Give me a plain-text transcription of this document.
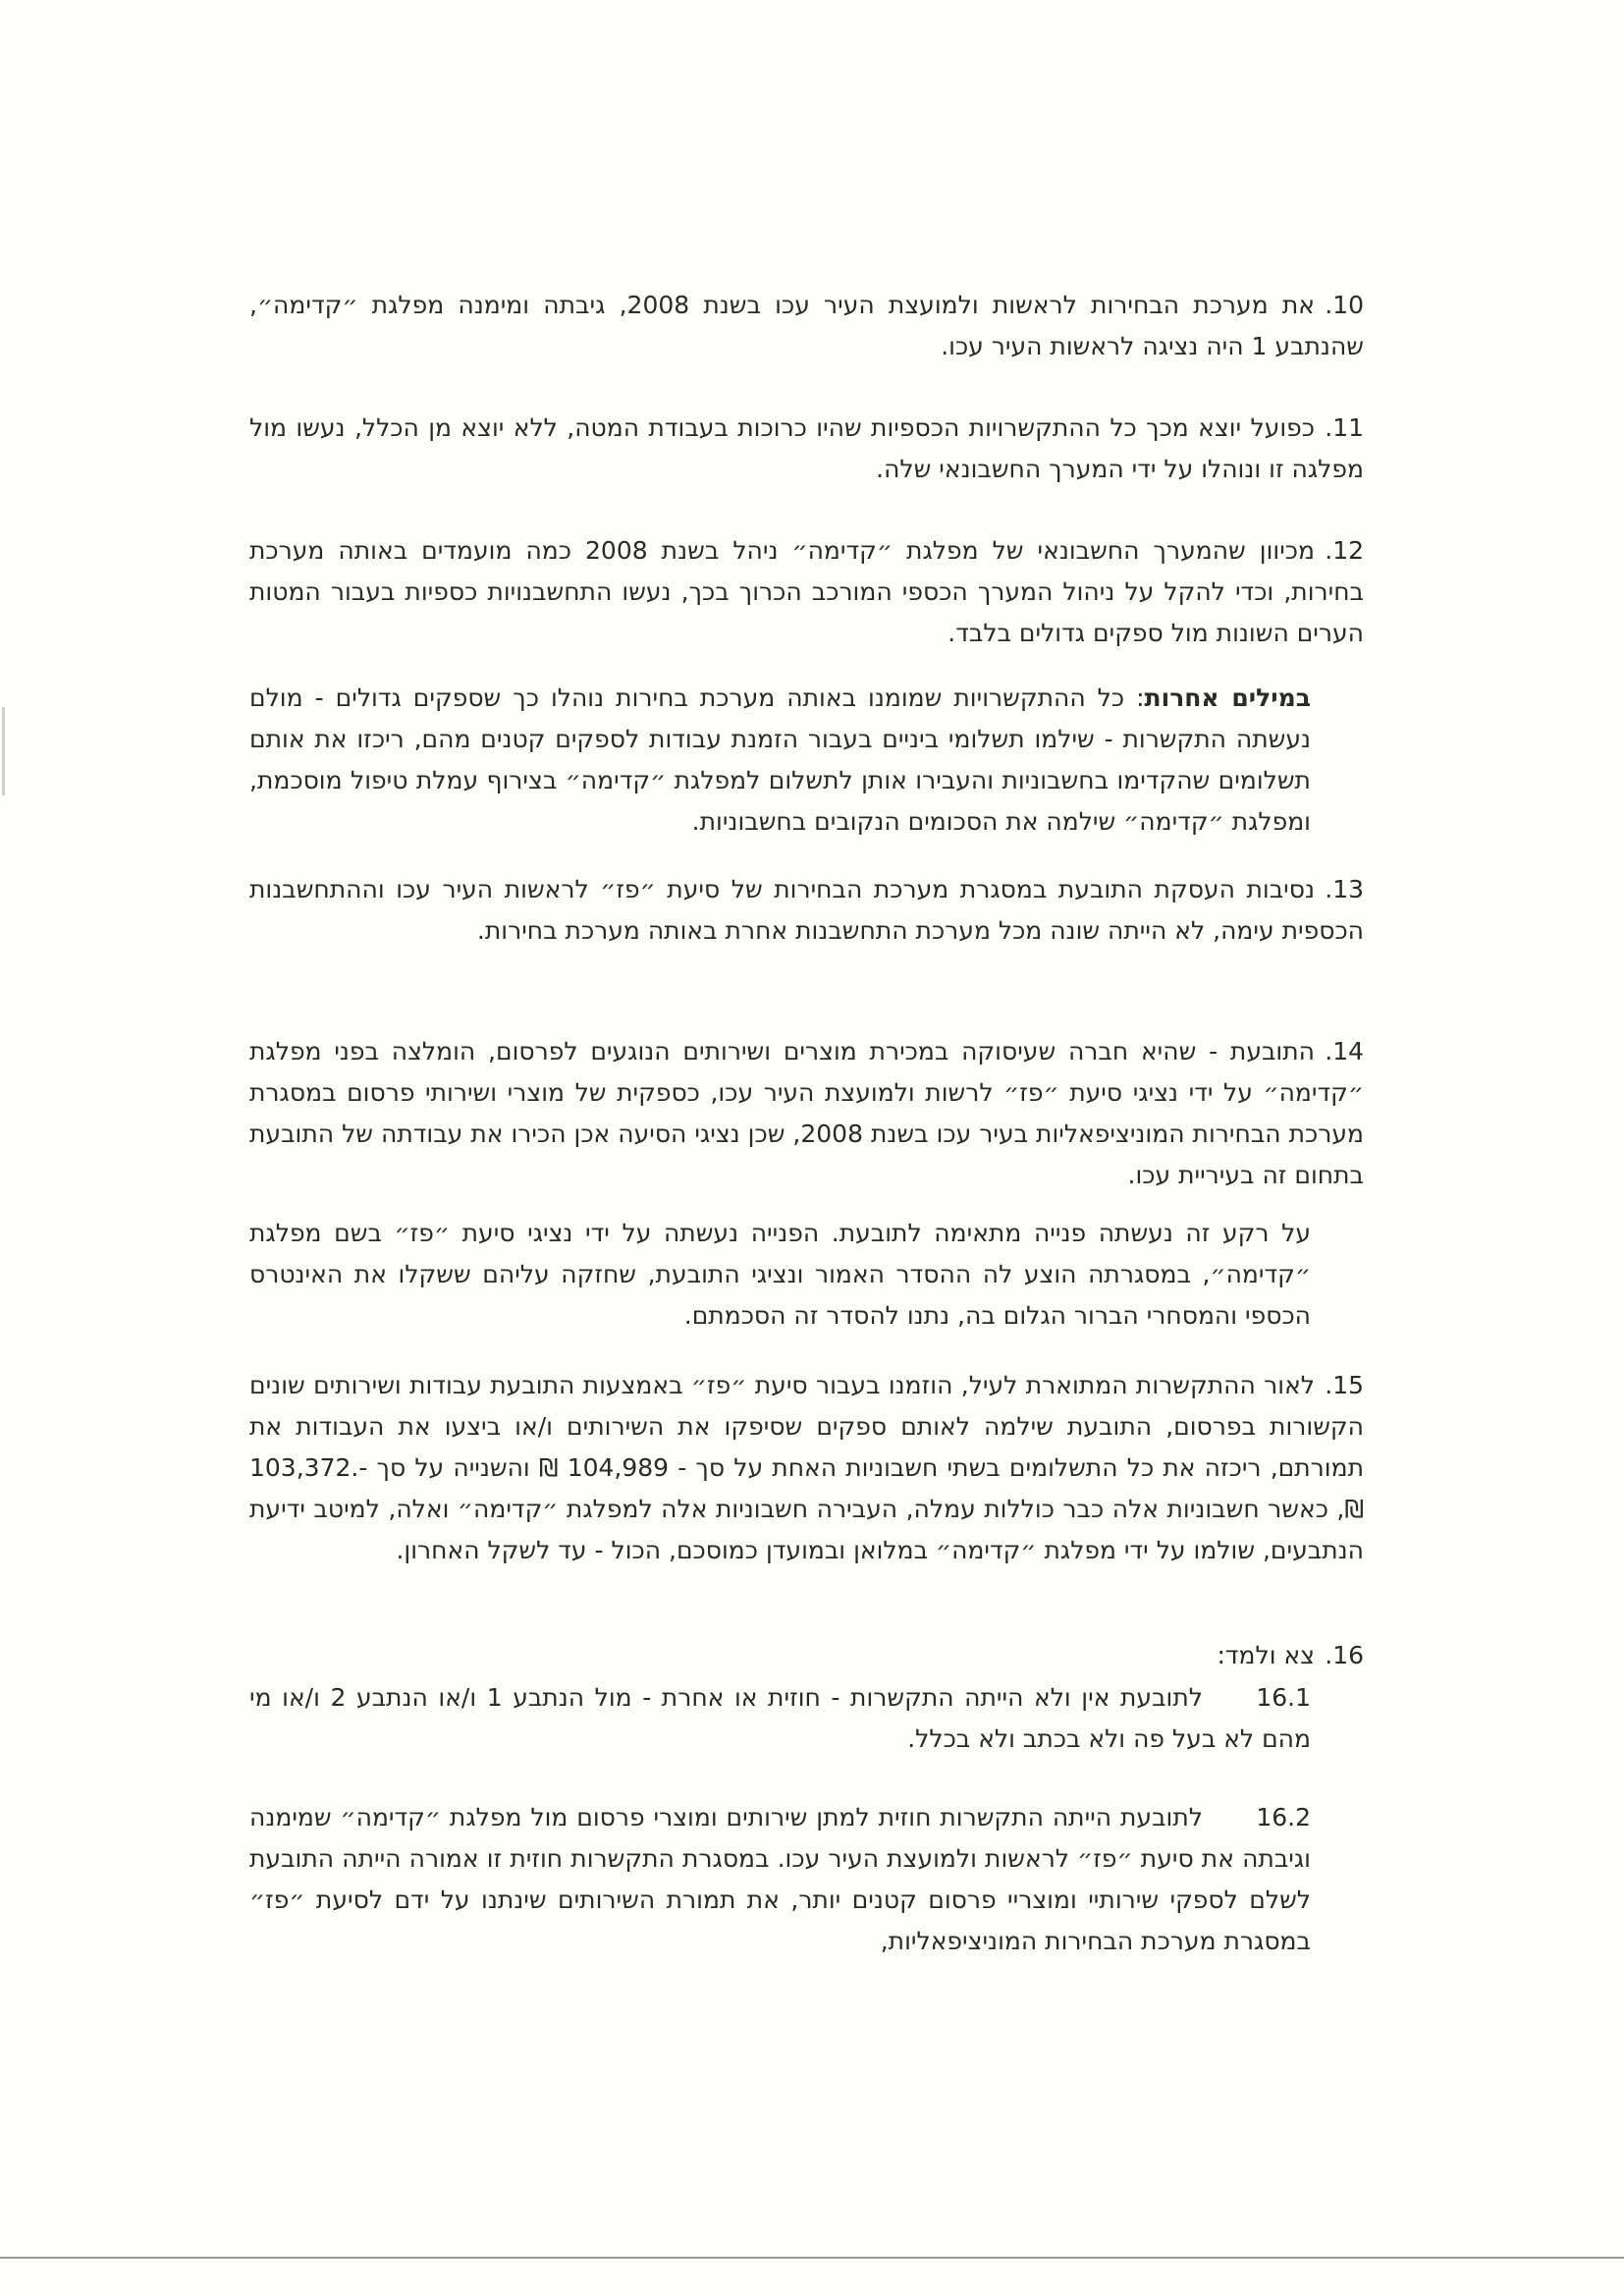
10.את מערכת הבחירות לראשות ולמועצת העיר עכו בשנת 2008, גיבתה ומימנה מפלגת ״קדימה״, שהנתבע 1 היה נציגה לראשות העיר עכו.
11.כפועל יוצא מכך כל ההתקשרויות הכספיות שהיו כרוכות בעבודת המטה, ללא יוצא מן הכלל, נעשו מול מפלגה זו ונוהלו על ידי המערך החשבונאי שלה.
12.מכיוון שהמערך החשבונאי של מפלגת ״קדימה״ ניהל בשנת 2008 כמה מועמדים באותה מערכת בחירות, וכדי להקל על ניהול המערך הכספי המורכב הכרוך בכך, נעשו התחשבנויות כספיות בעבור המטות הערים השונות מול ספקים גדולים בלבד.
במילים אחרות: כל ההתקשרויות שמומנו באותה מערכת בחירות נוהלו כך שספקים גדולים - מולם נעשתה התקשרות - שילמו תשלומי ביניים בעבור הזמנת עבודות לספקים קטנים מהם, ריכזו את אותם תשלומים שהקדימו בחשבוניות והעבירו אותן לתשלום למפלגת ״קדימה״ בצירוף עמלת טיפול מוסכמת, ומפלגת ״קדימה״ שילמה את הסכומים הנקובים בחשבוניות.
13.נסיבות העסקת התובעת במסגרת מערכת הבחירות של סיעת ״פז״ לראשות העיר עכו וההתחשבנות הכספית עימה, לא הייתה שונה מכל מערכת התחשבנות אחרת באותה מערכת בחירות.
14.התובעת - שהיא חברה שעיסוקה במכירת מוצרים ושירותים הנוגעים לפרסום, הומלצה בפני מפלגת ״קדימה״ על ידי נציגי סיעת ״פז״ לרשות ולמועצת העיר עכו, כספקית של מוצרי ושירותי פרסום במסגרת מערכת הבחירות המוניציפאליות בעיר עכו בשנת 2008, שכן נציגי הסיעה אכן הכירו את עבודתה של התובעת בתחום זה בעיריית עכו.
על רקע זה נעשתה פנייה מתאימה לתובעת. הפנייה נעשתה על ידי נציגי סיעת ״פז״ בשם מפלגת ״קדימה״, במסגרתה הוצע לה ההסדר האמור ונציגי התובעת, שחזקה עליהם ששקלו את האינטרס הכספי והמסחרי הברור הגלום בה, נתנו להסדר זה הסכמתם.
15.לאור ההתקשרות המתוארת לעיל, הוזמנו בעבור סיעת ״פז״ באמצעות התובעת עבודות ושירותים שונים הקשורות בפרסום, התובעת שילמה לאותם ספקים שסיפקו את השירותים ו/או ביצעו את העבודות את תמורתם, ריכזה את כל התשלומים בשתי חשבוניות האחת על סך - 104,989 ₪ והשנייה על סך -.103,372 ₪, כאשר חשבוניות אלה כבר כוללות עמלה, העבירה חשבוניות אלה למפלגת ״קדימה״ ואלה, למיטב ידיעת הנתבעים, שולמו על ידי מפלגת ״קדימה״ במלואן ובמועדן כמוסכם, הכול - עד לשקל האחרון.
16.צא ולמד:
16.1
לתובעת אין ולא הייתה התקשרות - חוזית או אחרת - מול הנתבע 1 ו/או הנתבע 2 ו/או מי מהם לא בעל פה ולא בכתב ולא בכלל.
16.2
לתובעת הייתה התקשרות חוזית למתן שירותים ומוצרי פרסום מול מפלגת ״קדימה״ שמימנה וגיבתה את סיעת ״פז״ לראשות ולמועצת העיר עכו. במסגרת התקשרות חוזית זו אמורה הייתה התובעת לשלם לספקי שירותיי ומוצריי פרסום קטנים יותר, את תמורת השירותים שינתנו על ידם לסיעת ״פז״ במסגרת מערכת הבחירות המוניציפאליות,
